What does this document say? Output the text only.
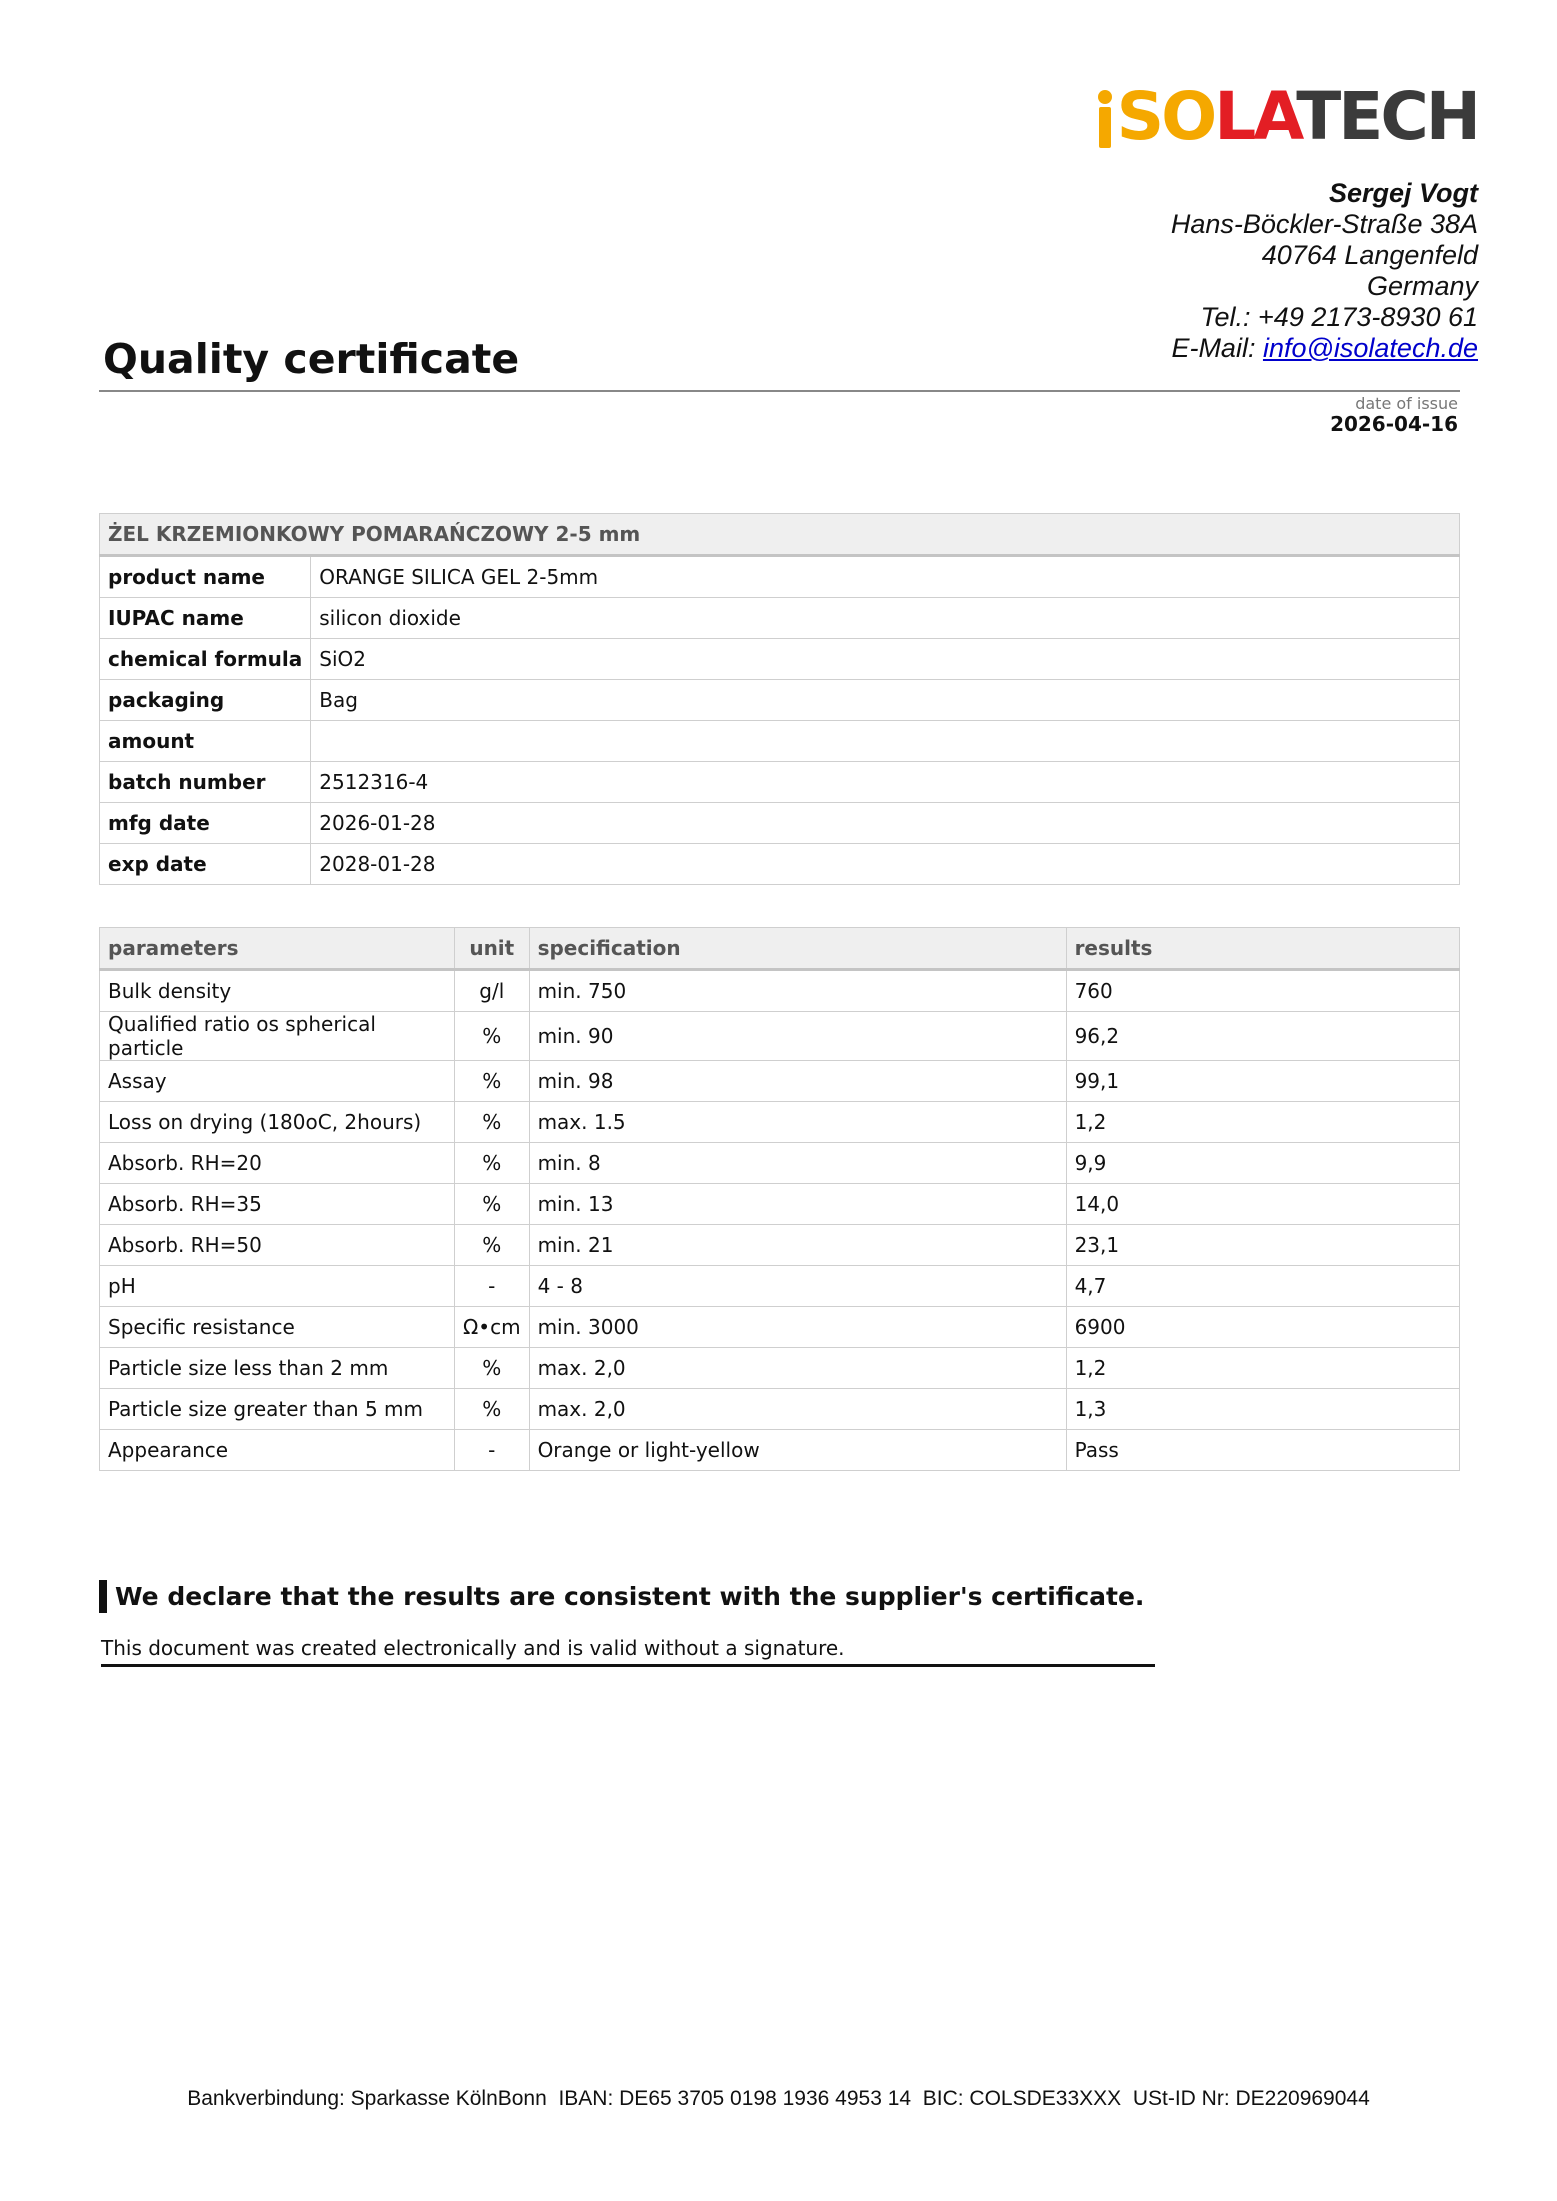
SOLATECH
Sergej Vogt
Hans-Böckler-Straße 38A
40764 Langenfeld
Germany
Tel.: +49 2173-8930 61
E-Mail: info@isolatech.de
Quality certificate
date of issue
2026-04-16
ŻEL KRZEMIONKOWY POMARAŃCZOWY 2-5 mm	
product name	ORANGE SILICA GEL 2-5mm
IUPAC name	silicon dioxide
chemical formula	SiO2
packaging	Bag
amount	
batch number	2512316-4
mfg date	2026-01-28
exp date	2028-01-28
parameters	unit	specification	results
Bulk density	g/l	min. 750	760
Qualified ratio os spherical particle	%	min. 90	96,2
Assay	%	min. 98	99,1
Loss on drying (180oC, 2hours)	%	max. 1.5	1,2
Absorb. RH=20	%	min. 8	9,9
Absorb. RH=35	%	min. 13	14,0
Absorb. RH=50	%	min. 21	23,1
pH	-	4 - 8	4,7
Specific resistance	Ω•cm	min. 3000	6900
Particle size less than 2 mm	%	max. 2,0	1,2
Particle size greater than 5 mm	%	max. 2,0	1,3
Appearance	-	Orange or light-yellow	Pass
We declare that the results are consistent with the supplier's certificate.
This document was created electronically and is valid without a signature.
Bankverbindung: Sparkasse KölnBonn  IBAN: DE65 3705 0198 1936 4953 14  BIC: COLSDE33XXX  USt-ID Nr: DE220969044
